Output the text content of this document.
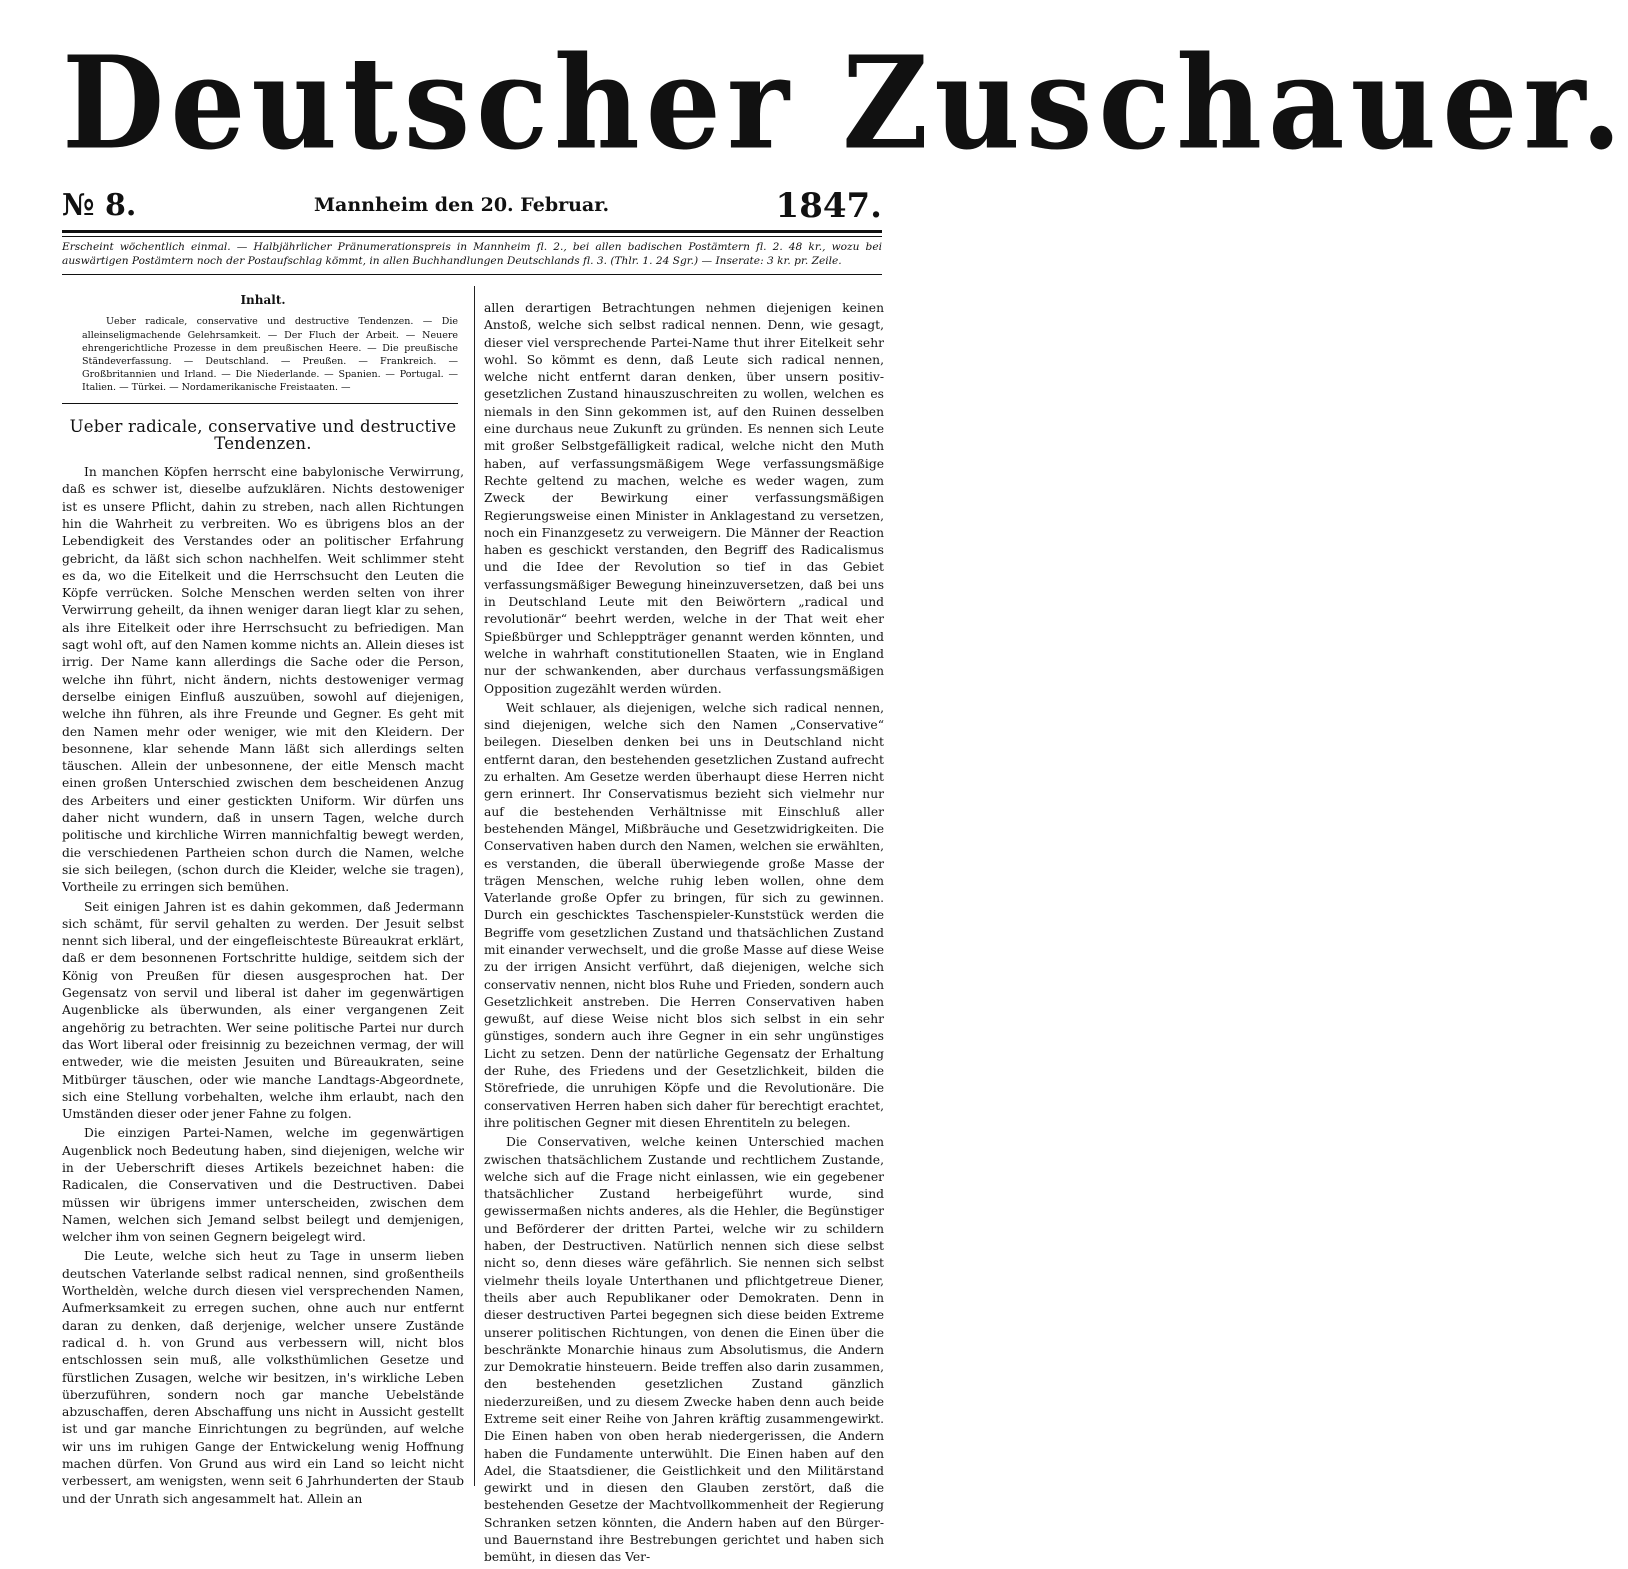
Deutscher Zuschauer.
№ 8.	Mannheim den 20. Februar.	1847.
Erscheint wöchentlich einmal. — Halbjährlicher Pränumerationspreis in Mannheim fl. 2., bei allen badischen Postämtern fl. 2. 48 kr., wozu bei auswärtigen Postämtern noch der Postaufschlag kömmt, in allen Buchhandlungen Deutschlands fl. 3. (Thlr. 1. 24 Sgr.) — Inserate: 3 kr. pr. Zeile.
Inhalt.
Ueber radicale, conservative und destructive Tendenzen. — Die alleinseligmachende Gelehrsamkeit. — Der Fluch der Arbeit. — Neuere ehrengerichtliche Prozesse in dem preußischen Heere. — Die preußische Ständeverfassung. — Deutschland. — Preußen. — Frankreich. — Großbritannien und Irland. — Die Niederlande. — Spanien. — Portugal. — Italien. — Türkei. — Nordamerikanische Freistaaten. —
Ueber radicale, conservative und destructive Tendenzen.

In manchen Köpfen herrscht eine babylonische Verwirrung, daß es schwer ist, dieselbe aufzuklären. Nichts destoweniger ist es unsere Pflicht, dahin zu streben, nach allen Richtungen hin die Wahrheit zu verbreiten. Wo es übrigens blos an der Lebendigkeit des Verstandes oder an politischer Erfahrung gebricht, da läßt sich schon nachhelfen. Weit schlimmer steht es da, wo die Eitelkeit und die Herrschsucht den Leuten die Köpfe verrücken. Solche Menschen werden selten von ihrer Verwirrung geheilt, da ihnen weniger daran liegt klar zu sehen, als ihre Eitelkeit oder ihre Herrschsucht zu befriedigen. Man sagt wohl oft, auf den Namen komme nichts an. Allein dieses ist irrig. Der Name kann allerdings die Sache oder die Person, welche ihn führt, nicht ändern, nichts destoweniger vermag derselbe einigen Einfluß auszuüben, sowohl auf diejenigen, welche ihn führen, als ihre Freunde und Gegner. Es geht mit den Namen mehr oder weniger, wie mit den Kleidern. Der besonnene, klar sehende Mann läßt sich allerdings selten täuschen. Allein der unbesonnene, der eitle Mensch macht einen großen Unterschied zwischen dem bescheidenen Anzug des Arbeiters und einer gestickten Uniform. Wir dürfen uns daher nicht wundern, daß in unsern Tagen, welche durch politische und kirchliche Wirren mannichfaltig bewegt werden, die verschiedenen Partheien schon durch die Namen, welche sie sich beilegen, (schon durch die Kleider, welche sie tragen), Vortheile zu erringen sich bemühen.

Seit einigen Jahren ist es dahin gekommen, daß Jedermann sich schämt, für servil gehalten zu werden. Der Jesuit selbst nennt sich liberal, und der eingefleischteste Büreaukrat erklärt, daß er dem besonnenen Fortschritte huldige, seitdem sich der König von Preußen für diesen ausgesprochen hat. Der Gegensatz von servil und liberal ist daher im gegenwärtigen Augenblicke als überwunden, als einer vergangenen Zeit angehörig zu betrachten. Wer seine politische Partei nur durch das Wort liberal oder freisinnig zu bezeichnen vermag, der will entweder, wie die meisten Jesuiten und Büreaukraten, seine Mitbürger täuschen, oder wie manche Landtags-Abgeordnete, sich eine Stellung vorbehalten, welche ihm erlaubt, nach den Umständen dieser oder jener Fahne zu folgen.

Die einzigen Partei-Namen, welche im gegenwärtigen Augenblick noch Bedeutung haben, sind diejenigen, welche wir in der Ueberschrift dieses Artikels bezeichnet haben: die Radicalen, die Conservativen und die Destructiven. Dabei müssen wir übrigens immer unterscheiden, zwischen dem Namen, welchen sich Jemand selbst beilegt und demjenigen, welcher ihm von seinen Gegnern beigelegt wird.

Die Leute, welche sich heut zu Tage in unserm lieben deutschen Vaterlande selbst radical nennen, sind großentheils Wortheldèn, welche durch diesen viel versprechenden Namen, Aufmerksamkeit zu erregen suchen, ohne auch nur entfernt daran zu denken, daß derjenige, welcher unsere Zustände radical d. h. von Grund aus verbessern will, nicht blos entschlossen sein muß, alle volksthümlichen Gesetze und fürstlichen Zusagen, welche wir besitzen, in's wirkliche Leben überzuführen, sondern noch gar manche Uebelstände abzuschaffen, deren Abschaffung uns nicht in Aussicht gestellt ist und gar manche Einrichtungen zu begründen, auf welche wir uns im ruhigen Gange der Entwickelung wenig Hoffnung machen dürfen. Von Grund aus wird ein Land so leicht nicht verbessert, am wenigsten, wenn seit 6 Jahrhunderten der Staub und der Unrath sich angesammelt hat. Allein an

allen derartigen Betrachtungen nehmen diejenigen keinen Anstoß, welche sich selbst radical nennen. Denn, wie gesagt, dieser viel versprechende Partei-Name thut ihrer Eitelkeit sehr wohl. So kömmt es denn, daß Leute sich radical nennen, welche nicht entfernt daran denken, über unsern positiv-gesetzlichen Zustand hinauszuschreiten zu wollen, welchen es niemals in den Sinn gekommen ist, auf den Ruinen desselben eine durchaus neue Zukunft zu gründen. Es nennen sich Leute mit großer Selbstgefälligkeit radical, welche nicht den Muth haben, auf verfassungsmäßigem Wege verfassungsmäßige Rechte geltend zu machen, welche es weder wagen, zum Zweck der Bewirkung einer verfassungsmäßigen Regierungsweise einen Minister in Anklagestand zu versetzen, noch ein Finanzgesetz zu verweigern. Die Männer der Reaction haben es geschickt verstanden, den Begriff des Radicalismus und die Idee der Revolution so tief in das Gebiet verfassungsmäßiger Bewegung hineinzuversetzen, daß bei uns in Deutschland Leute mit den Beiwörtern „radical und revolutionär“ beehrt werden, welche in der That weit eher Spießbürger und Schleppträger genannt werden könnten, und welche in wahrhaft constitutionellen Staaten, wie in England nur der schwankenden, aber durchaus verfassungsmäßigen Opposition zugezählt werden würden.

Weit schlauer, als diejenigen, welche sich radical nennen, sind diejenigen, welche sich den Namen „Conservative“ beilegen. Dieselben denken bei uns in Deutschland nicht entfernt daran, den bestehenden gesetzlichen Zustand aufrecht zu erhalten. Am Gesetze werden überhaupt diese Herren nicht gern erinnert. Ihr Conservatismus bezieht sich vielmehr nur auf die bestehenden Verhältnisse mit Einschluß aller bestehenden Mängel, Mißbräuche und Gesetzwidrigkeiten. Die Conservativen haben durch den Namen, welchen sie erwählten, es verstanden, die überall überwiegende große Masse der trägen Menschen, welche ruhig leben wollen, ohne dem Vaterlande große Opfer zu bringen, für sich zu gewinnen. Durch ein geschicktes Taschenspieler-Kunststück werden die Begriffe vom gesetzlichen Zustand und thatsächlichen Zustand mit einander verwechselt, und die große Masse auf diese Weise zu der irrigen Ansicht verführt, daß diejenigen, welche sich conservativ nennen, nicht blos Ruhe und Frieden, sondern auch Gesetzlichkeit anstreben. Die Herren Conservativen haben gewußt, auf diese Weise nicht blos sich selbst in ein sehr günstiges, sondern auch ihre Gegner in ein sehr ungünstiges Licht zu setzen. Denn der natürliche Gegensatz der Erhaltung der Ruhe, des Friedens und der Gesetzlichkeit, bilden die Störefriede, die unruhigen Köpfe und die Revolutionäre. Die conservativen Herren haben sich daher für berechtigt erachtet, ihre politischen Gegner mit diesen Ehrentiteln zu belegen.

Die Conservativen, welche keinen Unterschied machen zwischen thatsächlichem Zustande und rechtlichem Zustande, welche sich auf die Frage nicht einlassen, wie ein gegebener thatsächlicher Zustand herbeigeführt wurde, sind gewissermaßen nichts anderes, als die Hehler, die Begünstiger und Beförderer der dritten Partei, welche wir zu schildern haben, der Destructiven. Natürlich nennen sich diese selbst nicht so, denn dieses wäre gefährlich. Sie nennen sich selbst vielmehr theils loyale Unterthanen und pflichtgetreue Diener, theils aber auch Republikaner oder Demokraten. Denn in dieser destructiven Partei begegnen sich diese beiden Extreme unserer politischen Richtungen, von denen die Einen über die beschränkte Monarchie hinaus zum Absolutismus, die Andern zur Demokratie hinsteuern. Beide treffen also darin zusammen, den bestehenden gesetzlichen Zustand gänzlich niederzureißen, und zu diesem Zwecke haben denn auch beide Extreme seit einer Reihe von Jahren kräftig zusammengewirkt. Die Einen haben von oben herab niedergerissen, die Andern haben die Fundamente unterwühlt. Die Einen haben auf den Adel, die Staatsdiener, die Geistlichkeit und den Militärstand gewirkt und in diesen den Glauben zerstört, daß die bestehenden Gesetze der Machtvollkommenheit der Regierung Schranken setzen könnten, die Andern haben auf den Bürger- und Bauernstand ihre Bestrebungen gerichtet und haben sich bemüht, in diesen das Ver-
